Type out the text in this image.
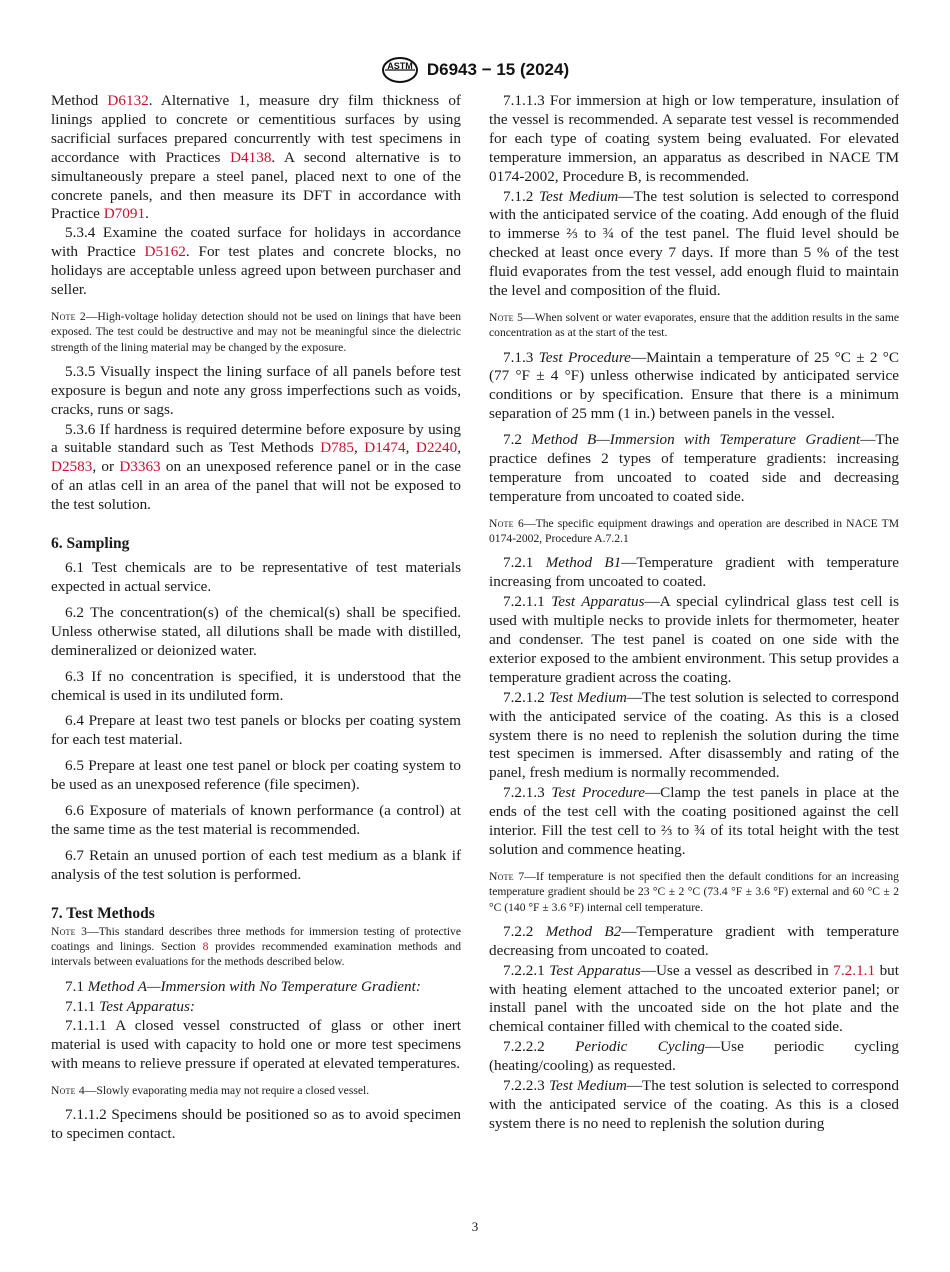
ASTM D6943 − 15 (2024)

Method D6132. Alternative 1, measure dry film thickness of linings applied to concrete or cementitious surfaces by using sacrificial surfaces prepared concurrently with test specimens in accordance with Practices D4138. A second alternative is to simultaneously prepare a steel panel, placed next to one of the concrete panels, and then measure its DFT in accordance with Practice D7091.

5.3.4 Examine the coated surface for holidays in accordance with Practice D5162. For test plates and concrete blocks, no holidays are acceptable unless agreed upon between purchaser and seller.

Note 2—High-voltage holiday detection should not be used on linings that have been exposed. The test could be destructive and may not be meaningful since the dielectric strength of the lining material may be changed by the exposure.

5.3.5 Visually inspect the lining surface of all panels before test exposure is begun and note any gross imperfections such as voids, cracks, runs or sags.

5.3.6 If hardness is required determine before exposure by using a suitable standard such as Test Methods D785, D1474, D2240, D2583, or D3363 on an unexposed reference panel or in the case of an atlas cell in an area of the panel that will not be exposed to the test solution.

6. Sampling

6.1 Test chemicals are to be representative of test materials expected in actual service.

6.2 The concentration(s) of the chemical(s) shall be specified. Unless otherwise stated, all dilutions shall be made with distilled, demineralized or deionized water.

6.3 If no concentration is specified, it is understood that the chemical is used in its undiluted form.

6.4 Prepare at least two test panels or blocks per coating system for each test material.

6.5 Prepare at least one test panel or block per coating system to be used as an unexposed reference (file specimen).

6.6 Exposure of materials of known performance (a control) at the same time as the test material is recommended.

6.7 Retain an unused portion of each test medium as a blank if analysis of the test solution is performed.

7. Test Methods

Note 3—This standard describes three methods for immersion testing of protective coatings and linings. Section 8 provides recommended examination methods and intervals between evaluations for the methods described below.

7.1 Method A—Immersion with No Temperature Gradient:

7.1.1 Test Apparatus:

7.1.1.1 A closed vessel constructed of glass or other inert material is used with capacity to hold one or more test specimens with means to relieve pressure if operated at elevated temperatures.

Note 4—Slowly evaporating media may not require a closed vessel.

7.1.1.2 Specimens should be positioned so as to avoid specimen to specimen contact.

7.1.1.3 For immersion at high or low temperature, insulation of the vessel is recommended. A separate test vessel is recommended for each type of coating system being evaluated. For elevated temperature immersion, an apparatus as described in NACE TM 0174-2002, Procedure B, is recommended.

7.1.2 Test Medium—The test solution is selected to correspond with the anticipated service of the coating. Add enough of the fluid to immerse ⅔ to ¾ of the test panel. The fluid level should be checked at least once every 7 days. If more than 5 % of the test fluid evaporates from the test vessel, add enough fluid to maintain the level and composition of the fluid.

Note 5—When solvent or water evaporates, ensure that the addition results in the same concentration as at the start of the test.

7.1.3 Test Procedure—Maintain a temperature of 25 °C ± 2 °C (77 °F ± 4 °F) unless otherwise indicated by anticipated service conditions or by specification. Ensure that there is a minimum separation of 25 mm (1 in.) between panels in the vessel.

7.2 Method B—Immersion with Temperature Gradient—The practice defines 2 types of temperature gradients: increasing temperature from uncoated to coated side and decreasing temperature from uncoated to coated side.

Note 6—The specific equipment drawings and operation are described in NACE TM 0174-2002, Procedure A.7.2.1

7.2.1 Method B1—Temperature gradient with temperature increasing from uncoated to coated.

7.2.1.1 Test Apparatus—A special cylindrical glass test cell is used with multiple necks to provide inlets for thermometer, heater and condenser. The test panel is coated on one side with the exterior exposed to the ambient environment. This setup provides a temperature gradient across the coating.

7.2.1.2 Test Medium—The test solution is selected to correspond with the anticipated service of the coating. As this is a closed system there is no need to replenish the solution during the time test specimen is immersed. After disassembly and rating of the panel, fresh medium is normally recommended.

7.2.1.3 Test Procedure—Clamp the test panels in place at the ends of the test cell with the coating positioned against the cell interior. Fill the test cell to ⅔ to ¾ of its total height with the test solution and commence heating.

Note 7—If temperature is not specified then the default conditions for an increasing temperature gradient should be 23 °C ± 2 °C (73.4 °F ± 3.6 °F) external and 60 °C ± 2 °C (140 °F ± 3.6 °F) internal cell temperature.

7.2.2 Method B2—Temperature gradient with temperature decreasing from uncoated to coated.

7.2.2.1 Test Apparatus—Use a vessel as described in 7.2.1.1 but with heating element attached to the uncoated exterior panel; or install panel with the uncoated side on the hot plate and the chemical container filled with chemical to the coated side.

7.2.2.2 Periodic Cycling—Use periodic cycling (heating/cooling) as requested.

7.2.2.3 Test Medium—The test solution is selected to correspond with the anticipated service of the coating. As this is a closed system there is no need to replenish the solution during

3
